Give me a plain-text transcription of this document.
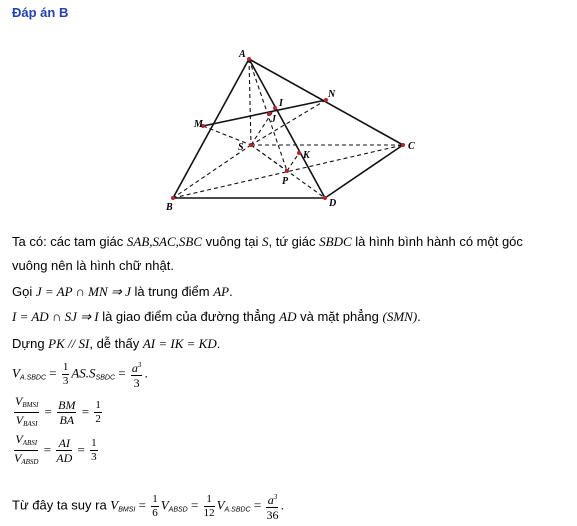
Đáp án B
A
B
C
D
S
M
N
I
J
K
P
Ta có: các tam giác SAB,SAC,SBC vuông tại S, tứ giác SBDC là hình bình hành có một góc
vuông nên là hình chữ nhật.
Gọi J = AP ∩ MN ⇒ J là trung điểm AP.
I = AD ∩ SJ ⇒ I là giao điểm của đường thẳng AD và mặt phẳng (SMN).
Dựng PK // SI, dễ thấy AI = IK = KD.
$V_{A.SBDC} = \frac{1}{3} AS.S_{SBDC} = \frac{a^3}{3}$ .
$\frac{V_{BMSI}}{V_{BASI}} = \frac{BM}{BA} = \frac{1}{2}$
$\frac{V_{ABSI}}{V_{ABSD}} = \frac{AI}{AD} = \frac{1}{3}$
Từ đây ta suy ra $V_{BMSI} = \frac{1}{6} V_{ABSD} = \frac{1}{12} V_{A.SBDC} = \frac{a^3}{36}$ .
